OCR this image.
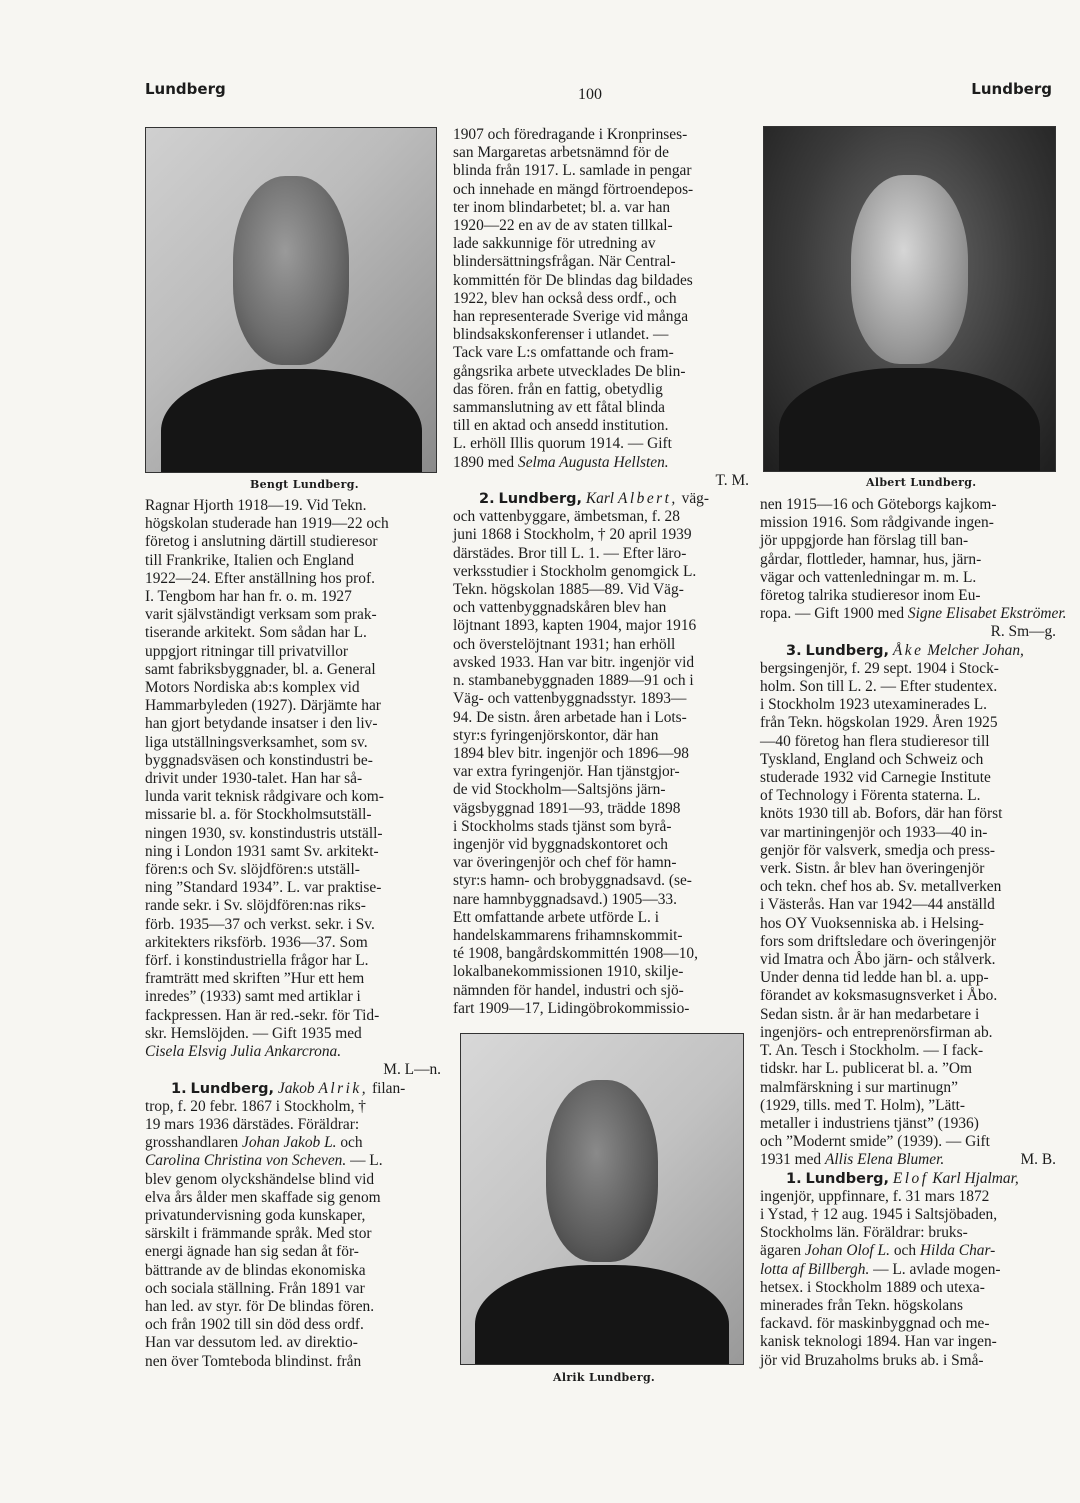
Lundberg	100	Lundberg
Bengt Lundberg.	Albert Lundberg.
Alrik Lundberg.
Ragnar Hjorth 1918—19. Vid Tekn.
högskolan studerade han 1919—22 och
företog i anslutning därtill studieresor
till Frankrike, Italien och England
1922—24. Efter anställning hos prof.
I. Tengbom har han fr. o. m. 1927
varit självständigt verksam som prak-
tiserande arkitekt. Som sådan har L.
uppgjort ritningar till privatvillor
samt fabriksbyggnader, bl. a. General
Motors Nordiska ab:s komplex vid
Hammarbyleden (1927). Därjämte har
han gjort betydande insatser i den liv-
liga utställningsverksamhet, som sv.
byggnadsväsen och konstindustri be-
drivit under 1930-talet. Han har så-
lunda varit teknisk rådgivare och kom-
missarie bl. a. för Stockholmsutställ-
ningen 1930, sv. konstindustris utställ-
ning i London 1931 samt Sv. arkitekt-
fören:s och Sv. slöjdfören:s utställ-
ning ”Standard 1934”. L. var praktise-
rande sekr. i Sv. slöjdfören:nas riks-
förb. 1935—37 och verkst. sekr. i Sv.
arkitekters riksförb. 1936—37. Som
förf. i konstindustriella frågor har L.
framträtt med skriften ”Hur ett hem
inredes” (1933) samt med artiklar i
fackpressen. Han är red.-sekr. för Tid-
skr. Hemslöjden. — Gift 1935 med
Cisela Elsvig Julia Ankarcrona.
M. L—n.
1. Lundberg, Jakob Alrik, filan-
trop, f. 20 febr. 1867 i Stockholm, †
19 mars 1936 därstädes. Föräldrar:
grosshandlaren Johan Jakob L. och
Carolina Christina von Scheven. — L.
blev genom olyckshändelse blind vid
elva års ålder men skaffade sig genom
privatundervisning goda kunskaper,
särskilt i främmande språk. Med stor
energi ägnade han sig sedan åt för-
bättrande av de blindas ekonomiska
och sociala ställning. Från 1891 var
han led. av styr. för De blindas fören.
och från 1902 till sin död dess ordf.
Han var dessutom led. av direktio-
nen över Tomteboda blindinst. från
1907 och föredragande i Kronprinses-
san Margaretas arbetsnämnd för de
blinda från 1917. L. samlade in pengar
och innehade en mängd förtroendepos-
ter inom blindarbetet; bl. a. var han
1920—22 en av de av staten tillkal-
lade sakkunnige för utredning av
blindersättningsfrågan. När Central-
kommittén för De blindas dag bildades
1922, blev han också dess ordf., och
han representerade Sverige vid många
blindsakskonferenser i utlandet. —
Tack vare L:s omfattande och fram-
gångsrika arbete utvecklades De blin-
das fören. från en fattig, obetydlig
sammanslutning av ett fåtal blinda
till en aktad och ansedd institution.
L. erhöll Illis quorum 1914. — Gift
1890 med Selma Augusta Hellsten.
T. M.
2. Lundberg, Karl Albert, väg-
och vattenbyggare, ämbetsman, f. 28
juni 1868 i Stockholm, † 20 april 1939
därstädes. Bror till L. 1. — Efter läro-
verksstudier i Stockholm genomgick L.
Tekn. högskolan 1885—89. Vid Väg-
och vattenbyggnadskåren blev han
löjtnant 1893, kapten 1904, major 1916
och överstelöjtnant 1931; han erhöll
avsked 1933. Han var bitr. ingenjör vid
n. stambanebyggnaden 1889—91 och i
Väg- och vattenbyggnadsstyr. 1893—
94. De sistn. åren arbetade han i Lots-
styr:s fyringenjörskontor, där han
1894 blev bitr. ingenjör och 1896—98
var extra fyringenjör. Han tjänstgjor-
de vid Stockholm—Saltsjöns järn-
vägsbyggnad 1891—93, trädde 1898
i Stockholms stads tjänst som byrå-
ingenjör vid byggnadskontoret och
var överingenjör och chef för hamn-
styr:s hamn- och brobyggnadsavd. (se-
nare hamnbyggnadsavd.) 1905—33.
Ett omfattande arbete utförde L. i
handelskammarens frihamnskommit-
té 1908, bangårdskommittén 1908—10,
lokalbanekommissionen 1910, skilje-
nämnden för handel, industri och sjö-
fart 1909—17, Lidingöbrokommissio-
nen 1915—16 och Göteborgs kajkom-
mission 1916. Som rådgivande ingen-
jör uppgjorde han förslag till ban-
gårdar, flottleder, hamnar, hus, järn-
vägar och vattenledningar m. m. L.
företog talrika studieresor inom Eu-
ropa. — Gift 1900 med Signe Elisabet Ekströmer.
R. Sm—g.
3. Lundberg, Åke Melcher Johan,
bergsingenjör, f. 29 sept. 1904 i Stock-
holm. Son till L. 2. — Efter studentex.
i Stockholm 1923 utexaminerades L.
från Tekn. högskolan 1929. Åren 1925
—40 företog han flera studieresor till
Tyskland, England och Schweiz och
studerade 1932 vid Carnegie Institute
of Technology i Förenta staterna. L.
knöts 1930 till ab. Bofors, där han först
var martiningenjör och 1933—40 in-
genjör för valsverk, smedja och press-
verk. Sistn. år blev han överingenjör
och tekn. chef hos ab. Sv. metallverken
i Västerås. Han var 1942—44 anställd
hos OY Vuoksenniska ab. i Helsing-
fors som driftsledare och överingenjör
vid Imatra och Åbo järn- och stålverk.
Under denna tid ledde han bl. a. upp-
förandet av koksmasugnsverket i Åbo.
Sedan sistn. år är han medarbetare i
ingenjörs- och entreprenörsfirman ab.
T. An. Tesch i Stockholm. — I fack-
tidskr. har L. publicerat bl. a. ”Om
malmfärskning i sur martinugn”
(1929, tills. med T. Holm), ”Lätt-
metaller i industriens tjänst” (1936)
och ”Modernt smide” (1939). — Gift
1931 med Allis Elena Blumer.	M. B.
1. Lundberg, Elof Karl Hjalmar,
ingenjör, uppfinnare, f. 31 mars 1872
i Ystad, † 12 aug. 1945 i Saltsjöbaden,
Stockholms län. Föräldrar: bruks-
ägaren Johan Olof L. och Hilda Char-
lotta af Billbergh. — L. avlade mogen-
hetsex. i Stockholm 1889 och utexa-
minerades från Tekn. högskolans
fackavd. för maskinbyggnad och me-
kanisk teknologi 1894. Han var ingen-
jör vid Bruzaholms bruks ab. i Små-
